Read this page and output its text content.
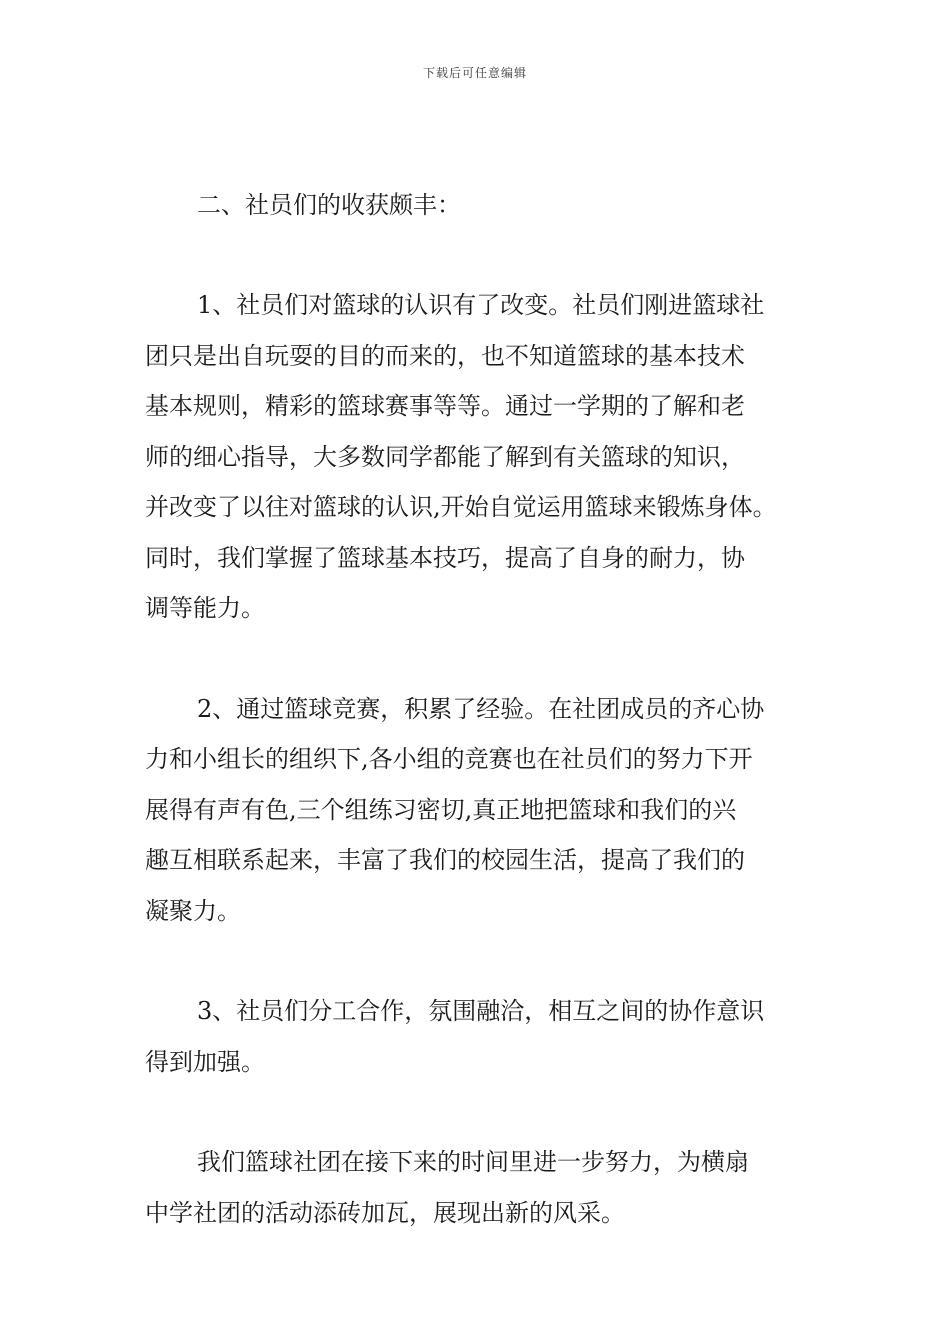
下载后可任意编辑
二、社员们的收获颇丰：
1、社员们对篮球的认识有了改变。社员们刚进篮球社
团只是出自玩耍的目的而来的，也不知道篮球的基本技术
基本规则，精彩的篮球赛事等等。通过一学期的了解和老
师的细心指导，大多数同学都能了解到有关篮球的知识，
并改变了以往对篮球的认识,开始自觉运用篮球来锻炼身体。
同时，我们掌握了篮球基本技巧，提高了自身的耐力，协
调等能力。
2、通过篮球竞赛，积累了经验。在社团成员的齐心协
力和小组长的组织下,各小组的竞赛也在社员们的努力下开
展得有声有色,三个组练习密切,真正地把篮球和我们的兴
趣互相联系起来，丰富了我们的校园生活，提高了我们的
凝聚力。
3、社员们分工合作，氛围融洽，相互之间的协作意识
得到加强。
我们篮球社团在接下来的时间里进一步努力，为横扇
中学社团的活动添砖加瓦，展现出新的风采。
